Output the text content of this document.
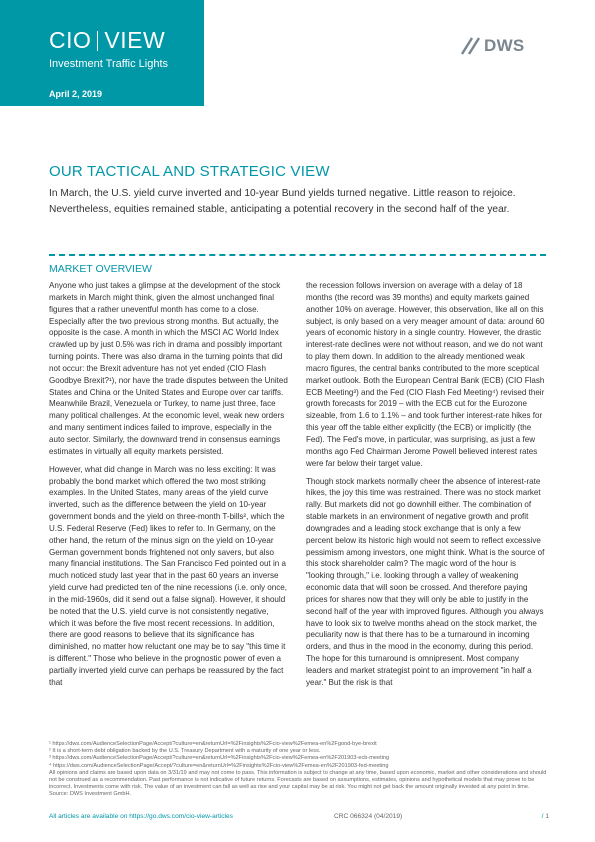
CIO VIEW
Investment Traffic Lights
April 2, 2019
DWS
OUR TACTICAL AND STRATEGIC VIEW
In March, the U.S. yield curve inverted and 10-year Bund yields turned negative. Little reason to rejoice. Nevertheless, equities remained stable, anticipating a potential recovery in the second half of the year.
MARKET OVERVIEW

Anyone who just takes a glimpse at the development of the stock markets in March might think, given the almost unchanged final figures that a rather uneventful month has come to a close. Especially after the two previous strong months. But actually, the opposite is the case. A month in which the MSCI AC World Index crawled up by just 0.5% was rich in drama and possibly important turning points. There was also drama in the turning points that did not occur: the Brexit adventure has not yet ended (CIO Flash Goodbye Brexit?¹), nor have the trade disputes between the United States and China or the United States and Europe over car tariffs. Meanwhile Brazil, Venezuela or Turkey, to name just three, face many political challenges. At the economic level, weak new orders and many sentiment indices failed to improve, especially in the auto sector. Similarly, the downward trend in consensus earnings estimates in virtually all equity markets persisted.

However, what did change in March was no less exciting: It was probably the bond market which offered the two most striking examples. In the United States, many areas of the yield curve inverted, such as the difference between the yield on 10-year government bonds and the yield on three-month T-bills², which the U.S. Federal Reserve (Fed) likes to refer to. In Germany, on the other hand, the return of the minus sign on the yield on 10-year German government bonds frightened not only savers, but also many financial institutions. The San Francisco Fed pointed out in a much noticed study last year that in the past 60 years an inverse yield curve had predicted ten of the nine recessions (i.e. only once, in the mid-1960s, did it send out a false signal). However, it should be noted that the U.S. yield curve is not consistently negative, which it was before the five most recent recessions. In addition, there are good reasons to believe that its significance has diminished, no matter how reluctant one may be to say "this time it is different." Those who believe in the prognostic power of even a partially inverted yield curve can perhaps be reassured by the fact that

the recession follows inversion on average with a delay of 18 months (the record was 39 months) and equity markets gained another 10% on average. However, this observation, like all on this subject, is only based on a very meager amount of data: around 60 years of economic history in a single country. However, the drastic interest-rate declines were not without reason, and we do not want to play them down. In addition to the already mentioned weak macro figures, the central banks contributed to the more sceptical market outlook. Both the European Central Bank (ECB) (CIO Flash ECB Meeting³) and the Fed (CIO Flash Fed Meeting⁴) revised their growth forecasts for 2019 – with the ECB cut for the Eurozone sizeable, from 1.6 to 1.1% – and took further interest-rate hikes for this year off the table either explicitly (the ECB) or implicitly (the Fed). The Fed's move, in particular, was surprising, as just a few months ago Fed Chairman Jerome Powell believed interest rates were far below their target value.

Though stock markets normally cheer the absence of interest-rate hikes, the joy this time was restrained. There was no stock market rally. But markets did not go downhill either. The combination of stable markets in an environment of negative growth and profit downgrades and a leading stock exchange that is only a few percent below its historic high would not seem to reflect excessive pessimism among investors, one might think. What is the source of this stock shareholder calm? The magic word of the hour is "looking through," i.e. looking through a valley of weakening economic data that will soon be crossed. And therefore paying prices for shares now that they will only be able to justify in the second half of the year with improved figures. Although you always have to look six to twelve months ahead on the stock market, the peculiarity now is that there has to be a turnaround in incoming orders, and thus in the mood in the economy, during this period. The hope for this turnaround is omnipresent. Most company leaders and market strategist point to an improvement "in half a year." But the risk is that

¹ https://dws.com/AudienceSelectionPage/Accept/?culture=en&returnUrl=%2Finsights%2Fcio-view%2Femea-en%2Fgood-bye-brexit
² It is a short-term debt obligation backed by the U.S. Treasury Department with a maturity of one year or less.
³ https://dws.com/AudienceSelectionPage/Accept/?culture=en&returnUrl=%2Finsights%2Fcio-view%2Femea-en%2F201903-ecb-meeting
⁴ https://dws.com/AudienceSelectionPage/Accept/?culture=en&returnUrl=%2Finsights%2Fcio-view%2Femea-en%2F201903-fed-meeting
All opinions and claims are based upon data on 3/31/19 and may not come to pass. This information is subject to change at any time, based upon economic, market and other considerations and should not be construed as a recommendation. Past performance is not indicative of future returns. Forecasts are based on assumptions, estimates, opinions and hypothetical models that may prove to be incorrect. Investments come with risk. The value of an investment can fall as well as rise and your capital may be at risk. You might not get back the amount originally invested at any point in time. Source: DWS Investment GmbH.
All articles are available on https://go.dws.com/cio-view-articles	CRC 066324 (04/2019)	/ 1
